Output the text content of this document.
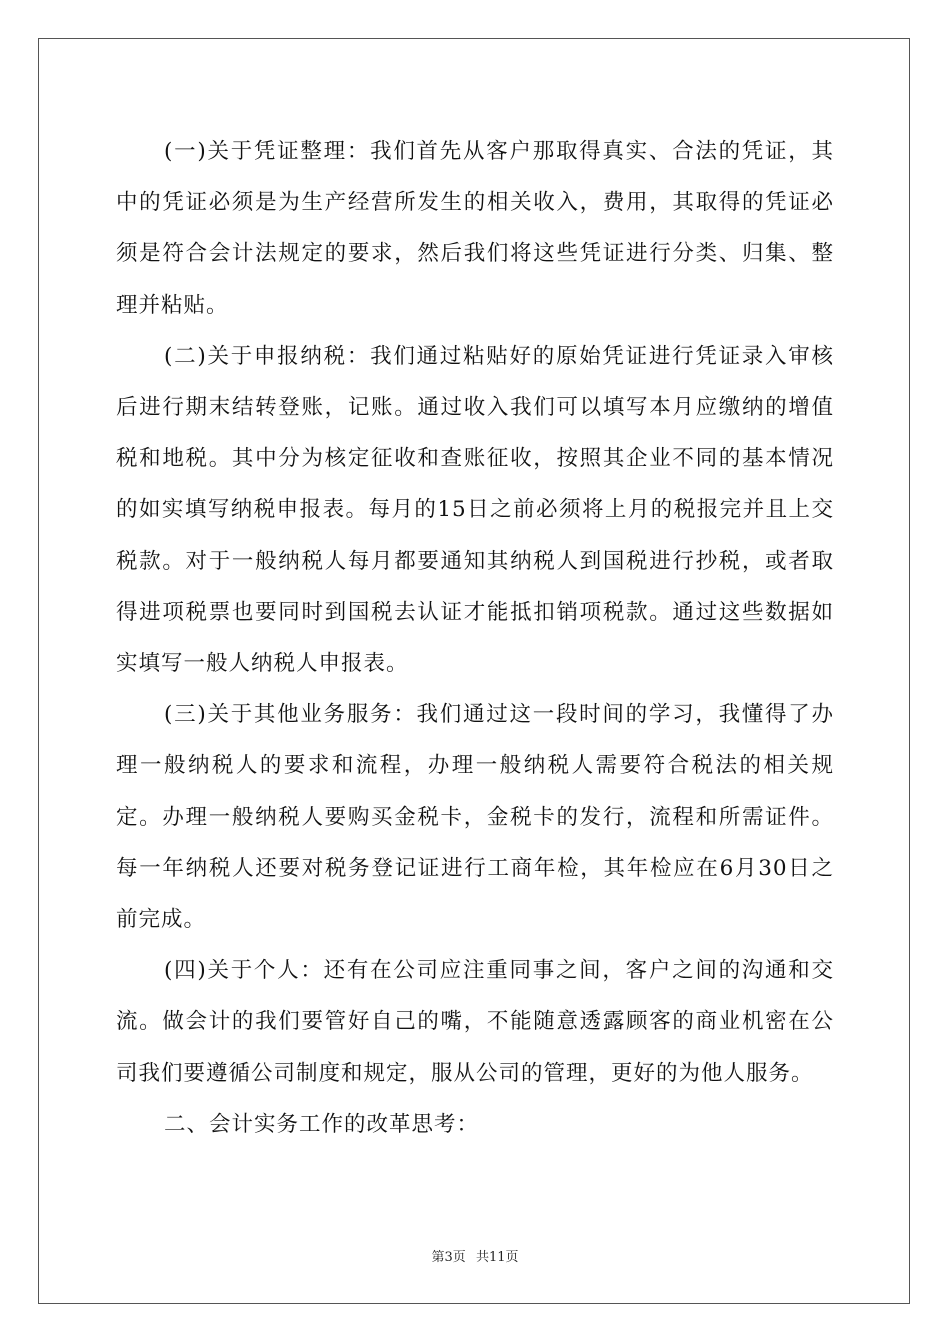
(一)关于凭证整理：我们首先从客户那取得真实、合法的凭证，其中的凭证必须是为生产经营所发生的相关收入，费用，其取得的凭证必须是符合会计法规定的要求，然后我们将这些凭证进行分类、归集、整理并粘贴。

(二)关于申报纳税：我们通过粘贴好的原始凭证进行凭证录入审核后进行期末结转登账，记账。通过收入我们可以填写本月应缴纳的增值税和地税。其中分为核定征收和查账征收，按照其企业不同的基本情况的如实填写纳税申报表。每月的15日之前必须将上月的税报完并且上交税款。对于一般纳税人每月都要通知其纳税人到国税进行抄税，或者取得进项税票也要同时到国税去认证才能抵扣销项税款。通过这些数据如实填写一般人纳税人申报表。

(三)关于其他业务服务：我们通过这一段时间的学习，我懂得了办理一般纳税人的要求和流程，办理一般纳税人需要符合税法的相关规定。办理一般纳税人要购买金税卡，金税卡的发行，流程和所需证件。每一年纳税人还要对税务登记证进行工商年检，其年检应在6月30日之前完成。

(四)关于个人：还有在公司应注重同事之间，客户之间的沟通和交流。做会计的我们要管好自己的嘴，不能随意透露顾客的商业机密在公司我们要遵循公司制度和规定，服从公司的管理，更好的为他人服务。

二、会计实务工作的改革思考：

第3页 共11页
